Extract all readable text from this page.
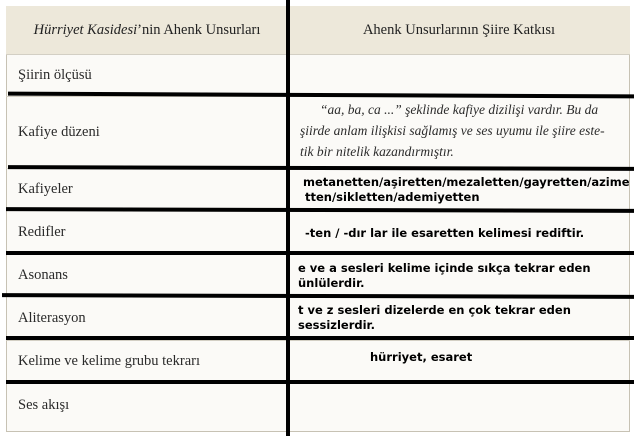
Hürriyet Kasidesi’nin Ahenk Unsurları	Ahenk Unsurlarının Şiire Katkısı
Şiirin ölçüsü
Kafiye düzeni
Kafiyeler
Redifler
Asonans
Aliterasyon
Kelime ve kelime grubu tekrarı
Ses akışı
“aa, ba, ca ...” şeklinde kafiye dizilişi vardır. Bu da
şiirde anlam ilişkisi sağlamış ve ses uyumu ile şiire este-
tik bir nitelik kazandırmıştır.
metanetten/aşiretten/mezaletten/gayretten/azime
tten/sikletten/ademiyetten
-ten / -dır lar ile esaretten kelimesi rediftir.
e ve a sesleri kelime içinde sıkça tekrar eden
ünlülerdir.
t ve z sesleri dizelerde en çok tekrar eden
sessizlerdir.
hürriyet, esaret
